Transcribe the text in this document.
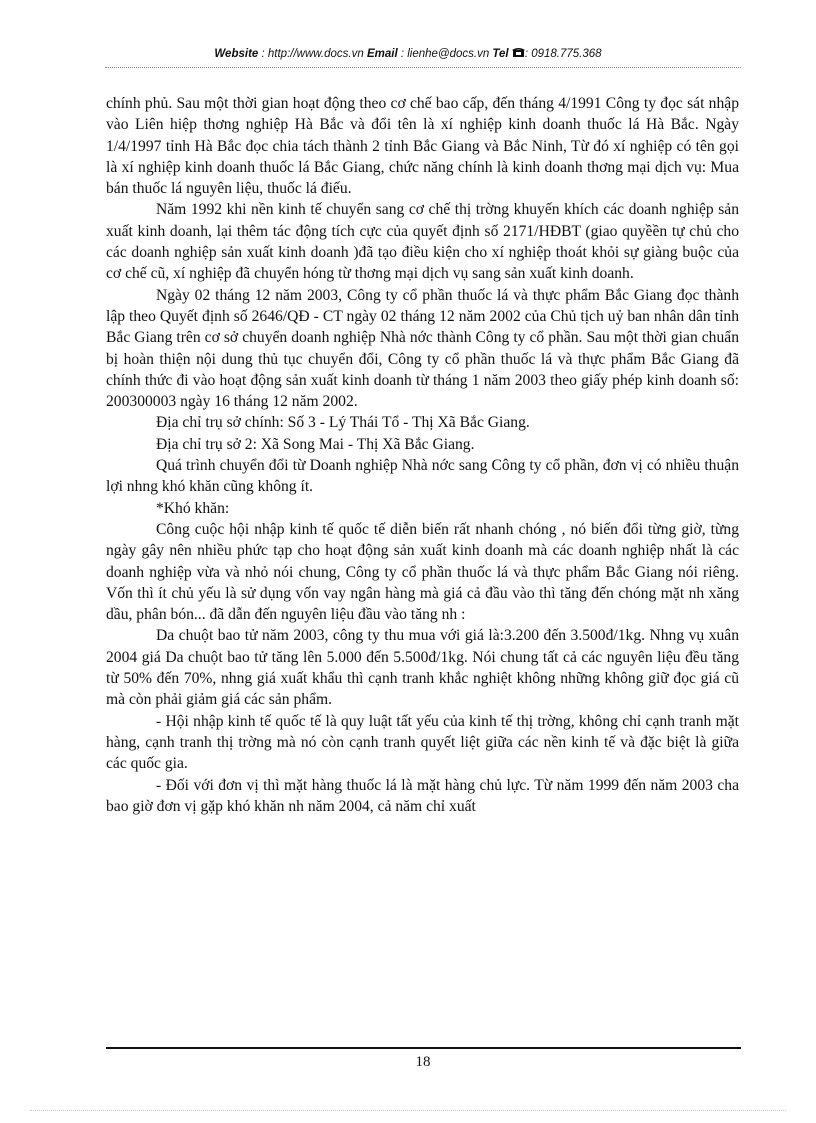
Website : http://www.docs.vn Email : lienhe@docs.vn Tel : 0918.775.368

chính phủ. Sau một thời gian hoạt động theo cơ chế bao cấp, đến tháng 4/1991 Công ty đọc sát nhập vào Liên hiệp thơng nghiệp Hà Bắc và đổi tên là xí nghiệp kinh doanh thuốc lá Hà Bắc. Ngày 1/4/1997 tỉnh Hà Bắc đọc chia tách thành 2 tỉnh Bắc Giang và Bắc Ninh, Từ đó xí nghiệp có tên gọi là xí nghiệp kinh doanh thuốc lá Bắc Giang, chức năng chính là kinh doanh thơng mại dịch vụ: Mua bán thuốc lá nguyên liệu, thuốc lá điếu.

Năm 1992 khi nền kinh tế chuyển sang cơ chế thị trờng khuyến khích các doanh nghiệp sản xuất kinh doanh, lại thêm tác động tích cực của quyết định số 2171/HĐBT (giao quyềền tự chủ cho các doanh nghiệp sản xuất kinh doanh )đã tạo điều kiện cho xí nghiệp thoát khỏi sự giàng buộc của cơ chế cũ, xí nghiệp đã chuyển hóng từ thơng mại dịch vụ sang sản xuất kinh doanh.

Ngày 02 tháng 12 năm 2003, Công ty cổ phần thuốc lá và thực phẩm Bắc Giang đọc thành lập theo Quyết định số 2646/QĐ - CT ngày 02 tháng 12 năm 2002 của Chủ tịch uỷ ban nhân dân tỉnh Bắc Giang trên cơ sở chuyển doanh nghiệp Nhà nớc thành Công ty cổ phần. Sau một thời gian chuẩn bị hoàn thiện nội dung thủ tục chuyển đổi, Công ty cổ phần thuốc lá và thực phẩm Bắc Giang đã chính thức đi vào hoạt động sản xuất kinh doanh từ tháng 1 năm 2003 theo giấy phép kinh doanh số: 200300003 ngày 16 tháng 12 năm 2002.

Địa chỉ trụ sở chính: Số 3 - Lý Thái Tổ - Thị Xã Bắc Giang.

Địa chỉ trụ sở 2: Xã Song Mai - Thị Xã Bắc Giang.

Quá trình chuyển đổi từ Doanh nghiệp Nhà nớc sang Công ty cổ phần, đơn vị có nhiều thuận lợi nhng khó khăn cũng không ít.

*Khó khăn:

Công cuộc hội nhập kinh tế quốc tế diễn biến rất nhanh chóng , nó biến đổi từng giờ, từng ngày gây nên nhiều phức tạp cho hoạt động sản xuất kinh doanh mà các doanh nghiệp nhất là các doanh nghiệp vừa và nhỏ nói chung, Công ty cổ phần thuốc lá và thực phẩm Bắc Giang nói riêng. Vốn thì ít chủ yếu là sử dụng vốn vay ngân hàng mà giá cả đầu vào thì tăng đến chóng mặt nh xăng dầu, phân bón... đã dẫn đến nguyên liệu đầu vào tăng nh :

Da chuột bao tử năm 2003, công ty thu mua với giá là:3.200 đến 3.500đ/1kg. Nhng vụ xuân 2004 giá Da chuột bao tử tăng lên 5.000 đến 5.500đ/1kg. Nói chung tất cả các nguyên liệu đều tăng từ 50% đến 70%, nhng giá xuất khẩu thì cạnh tranh khắc nghiệt không những không giữ đọc giá cũ mà còn phải giảm giá các sản phẩm.

- Hội nhập kinh tế quốc tế là quy luật tất yếu của kinh tế thị trờng, không chỉ cạnh tranh mặt hàng, cạnh tranh thị trờng mà nó còn cạnh tranh quyết liệt giữa các nền kinh tế và đặc biệt là giữa các quốc gia.

- Đối với đơn vị thì mặt hàng thuốc lá là mặt hàng chủ lực. Từ năm 1999 đến năm 2003 cha bao giờ đơn vị gặp khó khăn nh năm 2004, cả năm chỉ xuất

18
